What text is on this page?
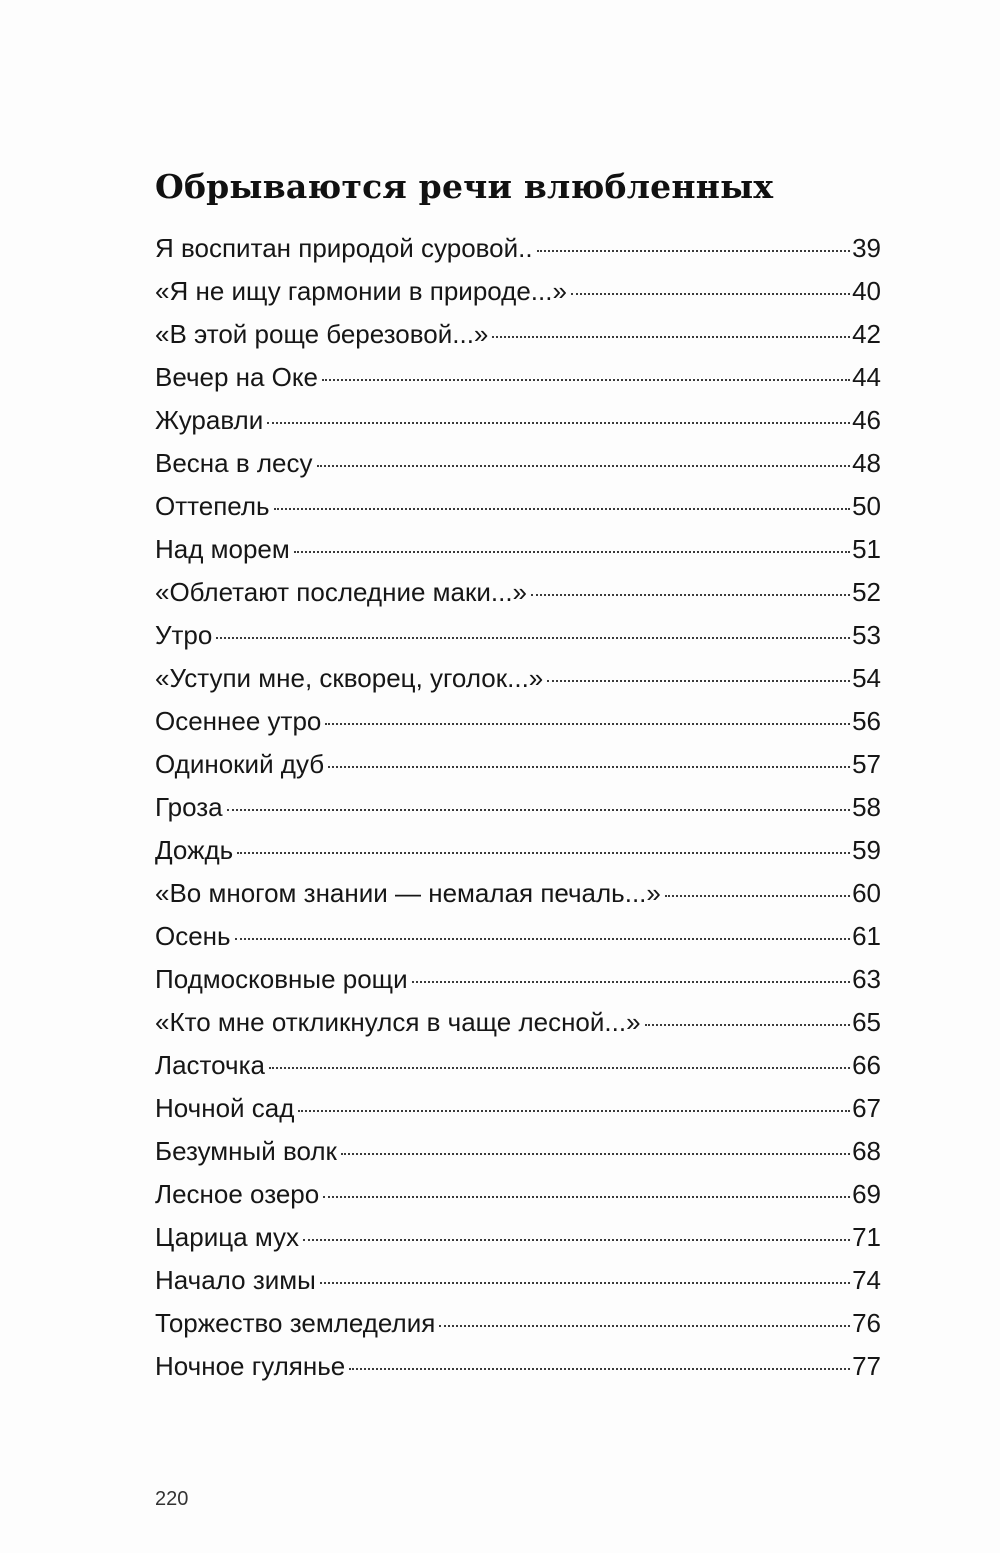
Обрываются речи влюбленных
Я воспитан природой суровой..	39
«Я не ищу гармонии в природе...»	40
«В этой роще березовой...»	42
Вечер на Оке	44
Журавли	46
Весна в лесу	48
Оттепель	50
Над морем	51
«Облетают последние маки...»	52
Утро	53
«Уступи мне, скворец, уголок...»	54
Осеннее утро	56
Одинокий дуб	57
Гроза	58
Дождь	59
«Во многом знании — немалая печаль...»	60
Осень	61
Подмосковные рощи	63
«Кто мне откликнулся в чаще лесной...»	65
Ласточка	66
Ночной сад	67
Безумный волк	68
Лесное озеро	69
Царица мух	71
Начало зимы	74
Торжество земледелия	76
Ночное гулянье	77
220
